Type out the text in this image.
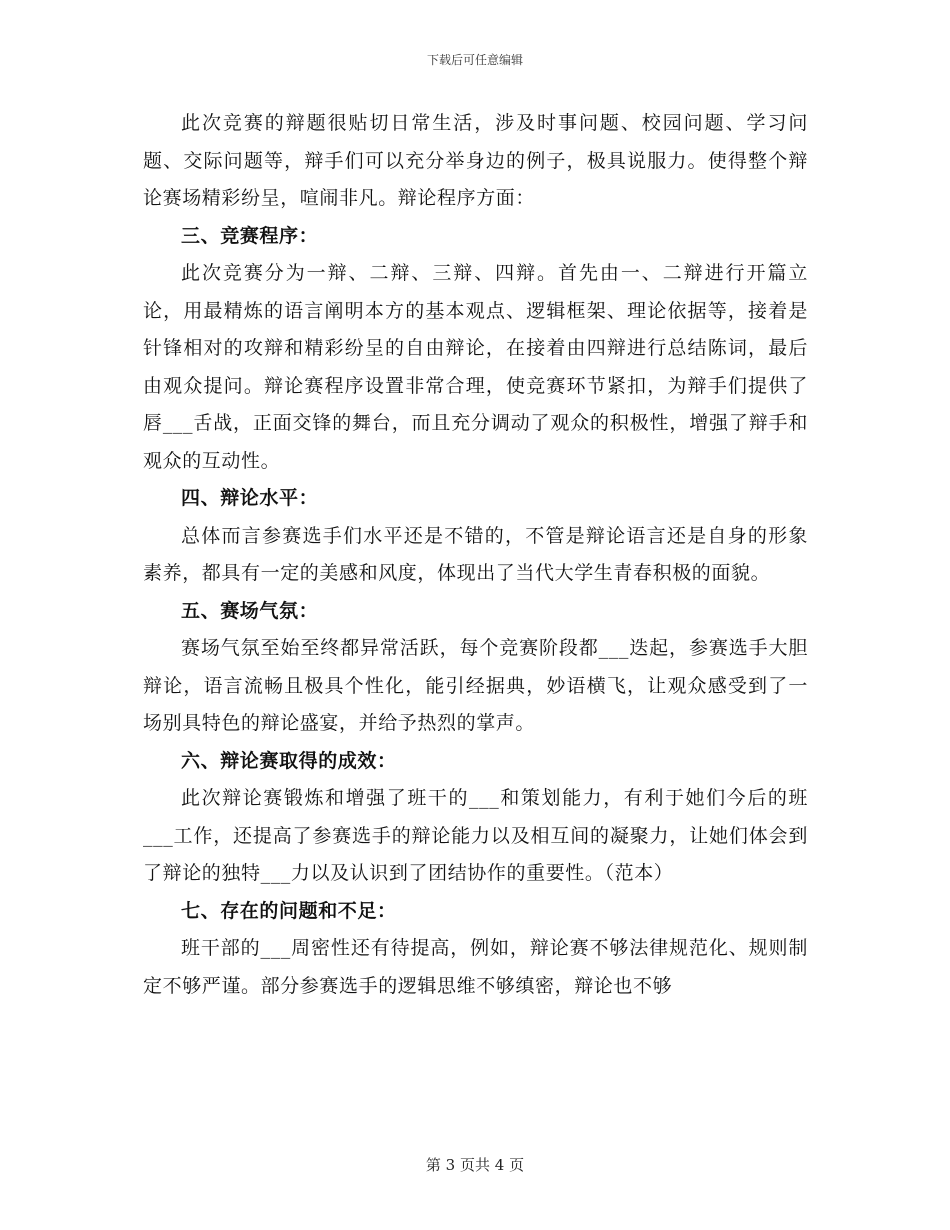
下载后可任意编辑

此次竞赛的辩题很贴切日常生活，涉及时事问题、校园问题、学习问题、交际问题等，辩手们可以充分举身边的例子，极具说服力。使得整个辩论赛场精彩纷呈，喧闹非凡。辩论程序方面：

三、竞赛程序：

此次竞赛分为一辩、二辩、三辩、四辩。首先由一、二辩进行开篇立论，用最精炼的语言阐明本方的基本观点、逻辑框架、理论依据等，接着是针锋相对的攻辩和精彩纷呈的自由辩论，在接着由四辩进行总结陈词，最后由观众提问。辩论赛程序设置非常合理，使竞赛环节紧扣，为辩手们提供了唇___舌战，正面交锋的舞台，而且充分调动了观众的积极性，增强了辩手和观众的互动性。

四、辩论水平：

总体而言参赛选手们水平还是不错的，不管是辩论语言还是自身的形象素养，都具有一定的美感和风度，体现出了当代大学生青春积极的面貌。

五、赛场气氛：

赛场气氛至始至终都异常活跃，每个竞赛阶段都___迭起，参赛选手大胆辩论，语言流畅且极具个性化，能引经据典，妙语横飞，让观众感受到了一场别具特色的辩论盛宴，并给予热烈的掌声。

六、辩论赛取得的成效：

此次辩论赛锻炼和增强了班干的___和策划能力，有利于她们今后的班___工作，还提高了参赛选手的辩论能力以及相互间的凝聚力，让她们体会到了辩论的独特___力以及认识到了团结协作的重要性。（范本）

七、存在的问题和不足：

班干部的___周密性还有待提高，例如，辩论赛不够法律规范化、规则制定不够严谨。部分参赛选手的逻辑思维不够缜密，辩论也不够

第 3 页共 4 页
